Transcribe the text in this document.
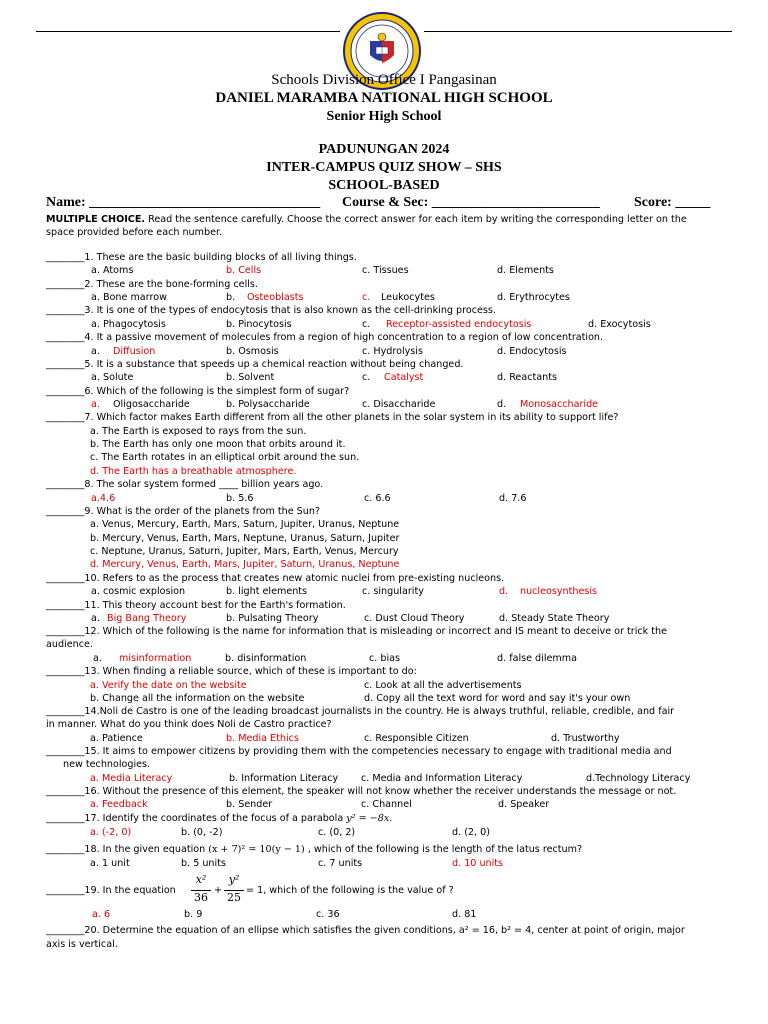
Schools Division Office I Pangasinan
DANIEL MARAMBA NATIONAL HIGH SCHOOL
Senior High School
PADUNUNGAN 2024
INTER-CAMPUS QUIZ SHOW – SHS
SCHOOL-BASED
Name: _________________________________ Course & Sec: ________________________ Score: _____
MULTIPLE CHOICE. Read the sentence carefully. Choose the correct answer for each item by writing the corresponding letter on the
space provided before each number.
________1. These are the basic building blocks of all living things.
a. Atoms	b. Cells	c. Tissues	d. Elements
________2. These are the bone-forming cells.
a. Bone marrow	b. Osteoblasts	c. Leukocytes	d. Erythrocytes
________3. It is one of the types of endocytosis that is also known as the cell-drinking process.
a. Phagocytosis	b. Pinocytosis	c. Receptor-assisted endocytosis	d. Exocytosis
________4. It a passive movement of molecules from a region of high concentration to a region of low concentration.
a. Diffusion	b. Osmosis	c. Hydrolysis	d. Endocytosis
________5. It is a substance that speeds up a chemical reaction without being changed.
a. Solute	b. Solvent	c. Catalyst	d. Reactants
________6. Which of the following is the simplest form of sugar?
a. Oligosaccharide	b. Polysaccharide	c. Disaccharide	d. Monosaccharide
________7. Which factor makes Earth different from all the other planets in the solar system in its ability to support life?
a. The Earth is exposed to rays from the sun.
b. The Earth has only one moon that orbits around it.
c. The Earth rotates in an elliptical orbit around the sun.
d. The Earth has a breathable atmosphere.
________8. The solar system formed ____ billion years ago.
a.4.6	b. 5.6	c. 6.6	d. 7.6
________9. What is the order of the planets from the Sun?
a. Venus, Mercury, Earth, Mars, Saturn, Jupiter, Uranus, Neptune
b. Mercury, Venus, Earth, Mars, Neptune, Uranus, Saturn, Jupiter
c. Neptune, Uranus, Saturn, Jupiter, Mars, Earth, Venus, Mercury
d. Mercury, Venus, Earth, Mars, Jupiter, Saturn, Uranus, Neptune
________10. Refers to as the process that creates new atomic nuclei from pre-existing nucleons.
a. cosmic explosion	b. light elements	c. singularity	d. nucleosynthesis
________11. This theory account best for the Earth's formation.
a. Big Bang Theory	b. Pulsating Theory	c. Dust Cloud Theory	d. Steady State Theory
________12. Which of the following is the name for information that is misleading or incorrect and IS meant to deceive or trick the
audience.
a. misinformation	b. disinformation	c. bias	d. false dilemma
________13. When finding a reliable source, which of these is important to do:
a. Verify the date on the website	c. Look at all the advertisements
b. Change all the information on the website	d. Copy all the text word for word and say it's your own
________14.Noli de Castro is one of the leading broadcast journalists in the country. He is always truthful, reliable, credible, and fair
in manner. What do you think does Noli de Castro practice?
a. Patience	b. Media Ethics	c. Responsible Citizen	d. Trustworthy
________15. It aims to empower citizens by providing them with the competencies necessary to engage with traditional media and
new technologies.
a. Media Literacy	b. Information Literacy c. Media and Information Literacy	d.Technology Literacy
________16. Without the presence of this element, the speaker will not know whether the receiver understands the message or not.
a. Feedback	b. Sender	c. Channel	d. Speaker
________17. Identify the coordinates of the focus of a parabola y² = −8x.
a. (-2, 0)	b. (0, -2)	c. (0, 2)	d. (2, 0)
________18. In the given equation (x + 7)² = 10(y − 1) , which of the following is the length of the latus rectum?
a. 1 unit	b. 5 units	c. 7 units	d. 10 units
________19. In the equation
x²
36
+
y²
25
= 1, which of the following is the value of ?
a. 6	b. 9	c. 36	d. 81
________20. Determine the equation of an ellipse which satisfies the given conditions, a² = 16, b² = 4, center at point of origin, major
axis is vertical.
